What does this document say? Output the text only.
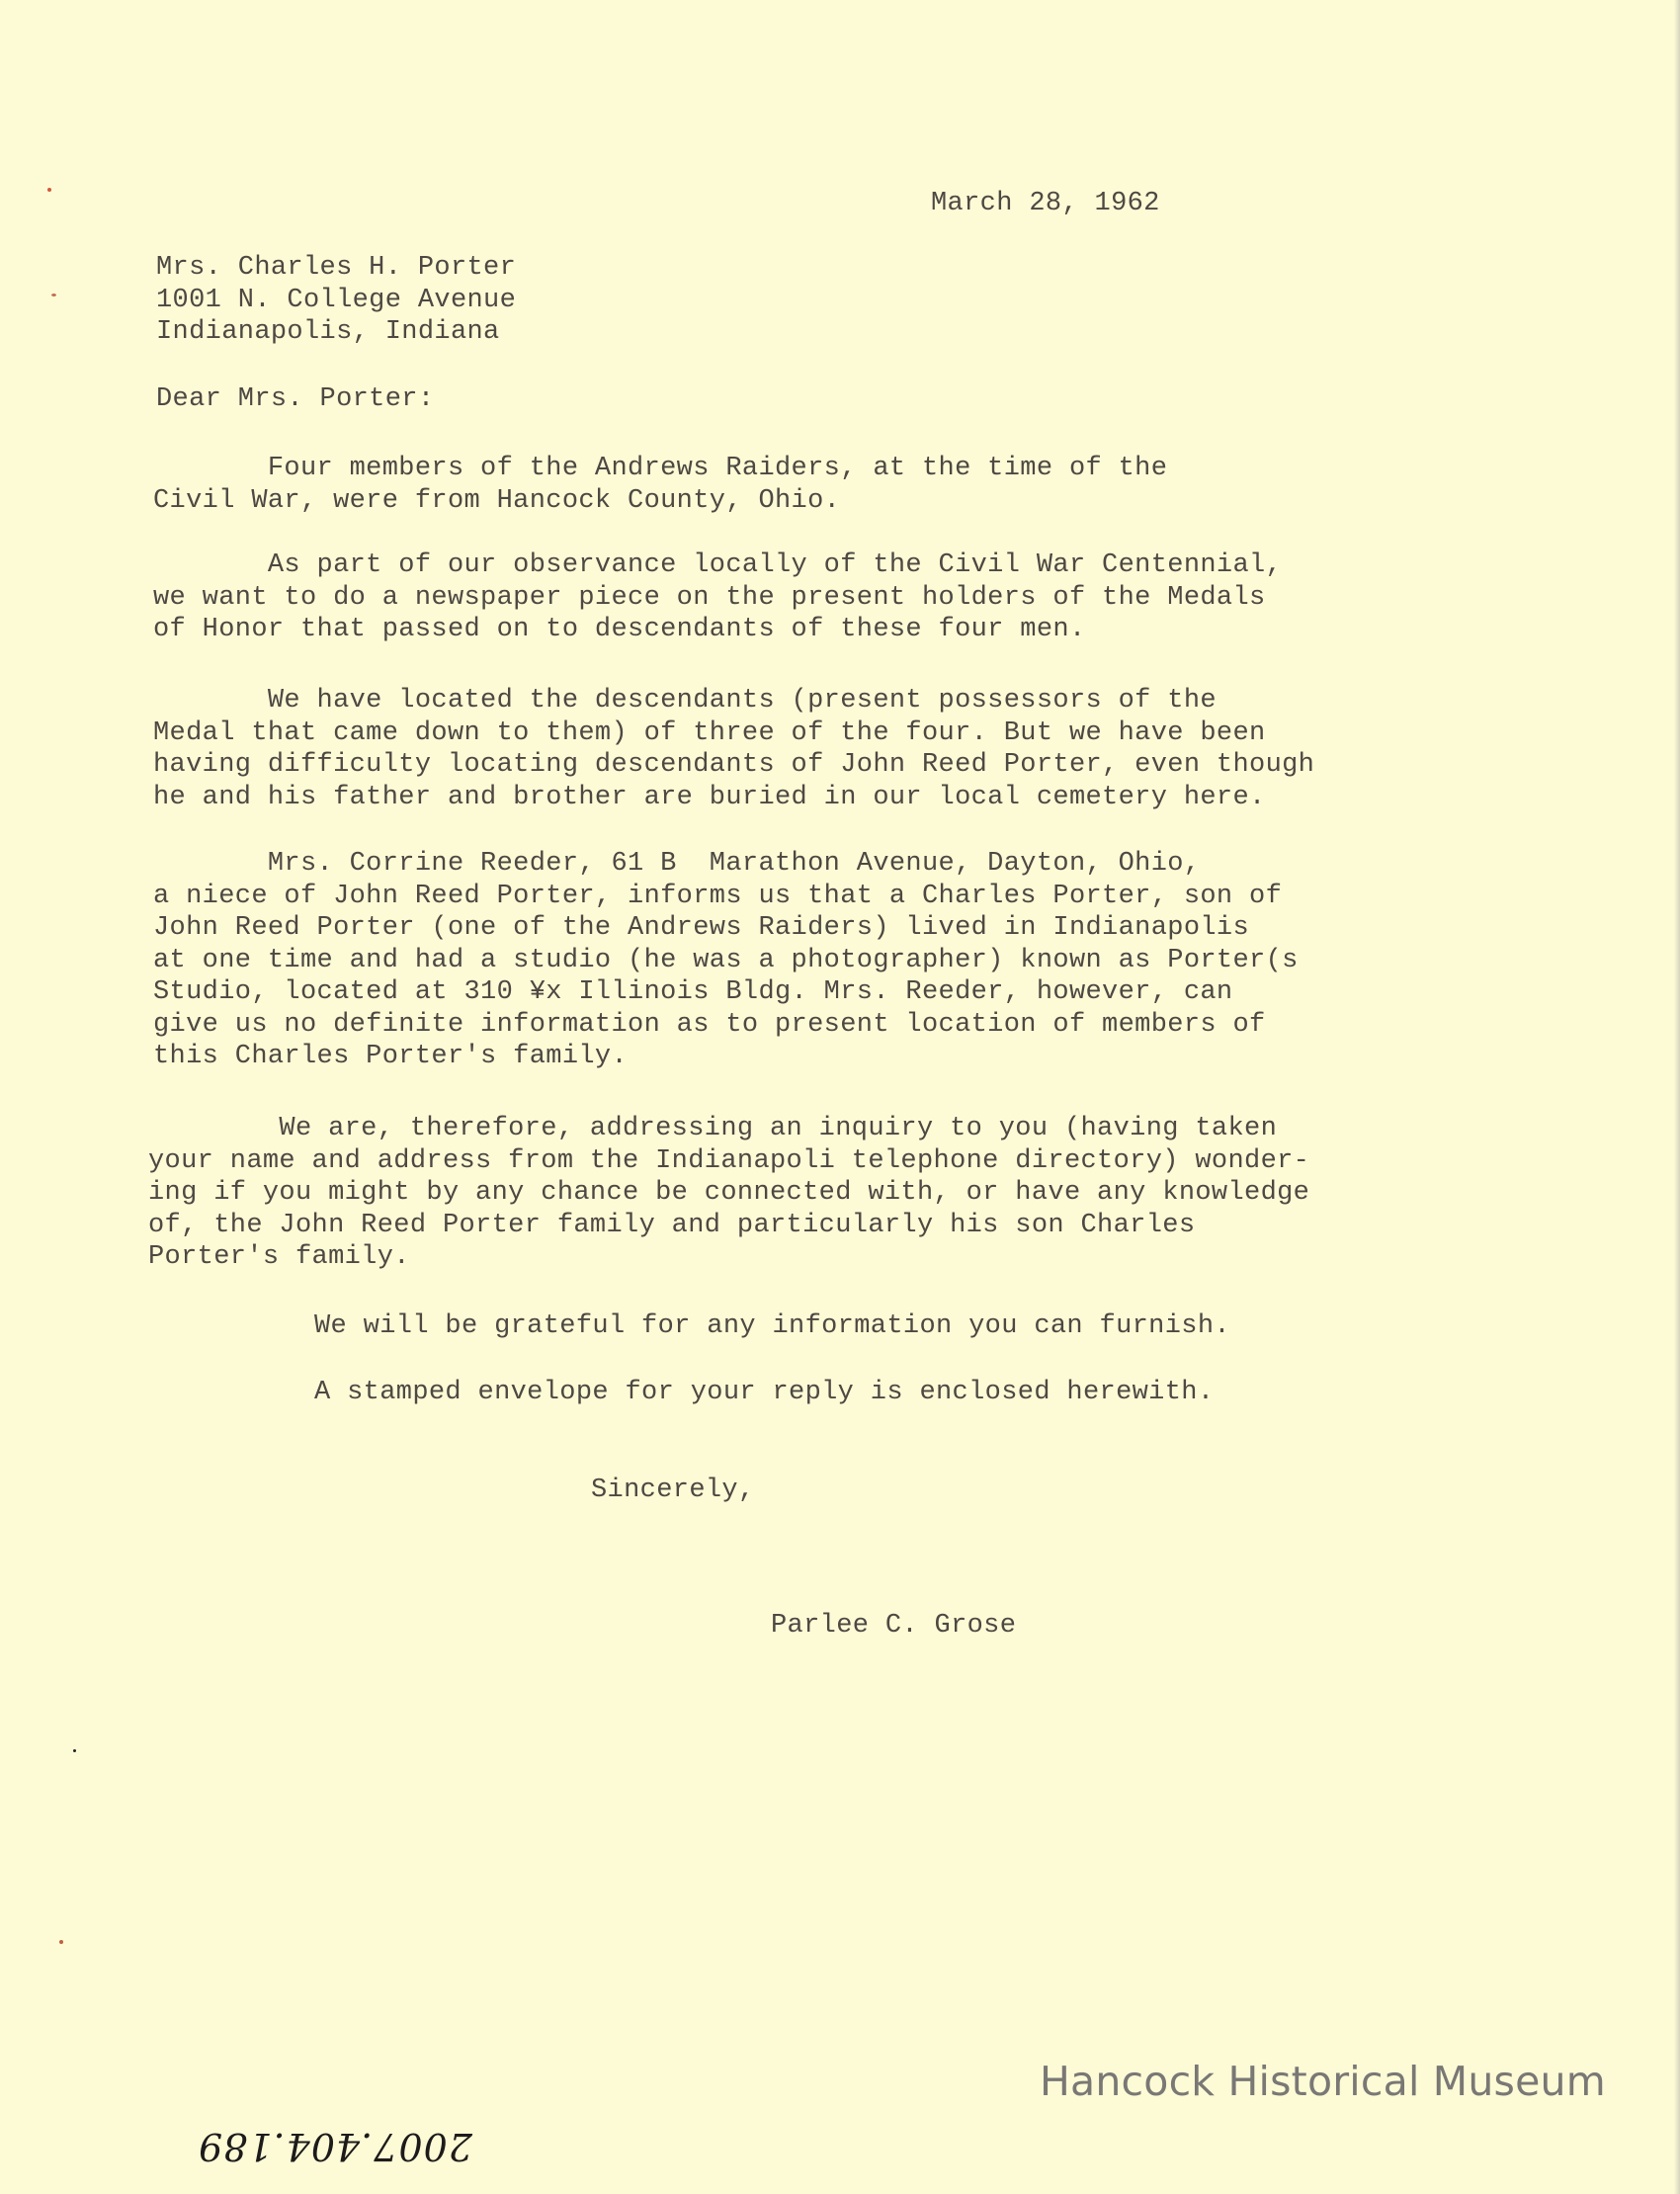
March 28, 1962
Mrs. Charles H. Porter
1001 N. College Avenue
Indianapolis, Indiana
Dear Mrs. Porter:
Four members of the Andrews Raiders, at the time of the
Civil War, were from Hancock County, Ohio.
As part of our observance locally of the Civil War Centennial,
we want to do a newspaper piece on the present holders of the Medals
of Honor that passed on to descendants of these four men.
We have located the descendants (present possessors of the
Medal that came down to them) of three of the four. But we have been
having difficulty locating descendants of John Reed Porter, even though
he and his father and brother are buried in our local cemetery here.
Mrs. Corrine Reeder, 61 B  Marathon Avenue, Dayton, Ohio,
a niece of John Reed Porter, informs us that a Charles Porter, son of
John Reed Porter (one of the Andrews Raiders) lived in Indianapolis
at one time and had a studio (he was a photographer) known as Porter(s
Studio, located at 310 ¥x Illinois Bldg. Mrs. Reeder, however, can
give us no definite information as to present location of members of
this Charles Porter's family.
We are, therefore, addressing an inquiry to you (having taken
your name and address from the Indianapoli telephone directory) wonder-
ing if you might by any chance be connected with, or have any knowledge
of, the John Reed Porter family and particularly his son Charles
Porter's family.
We will be grateful for any information you can furnish.
A stamped envelope for your reply is enclosed herewith.
Sincerely,
Parlee C. Grose
Hancock Historical Museum
2007.404.189
